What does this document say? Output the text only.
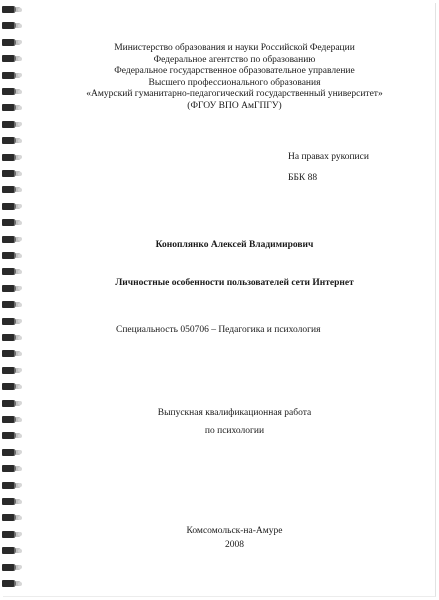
Министерство образования и науки Российской Федерации
Федеральное агентство по образованию
Федеральное государственное образовательное управление
Высшего профессионального образования
«Амурский гуманитарно-педагогический государственный университет»
(ФГОУ ВПО АмГПГУ)
На правах рукописи
ББК 88
Коноплянко Алексей Владимирович
Личностные особенности пользователей сети Интернет
Специальность 050706 – Педагогика и психология
Выпускная квалификационная работа
по психологии
Комсомольск-на-Амуре
2008
